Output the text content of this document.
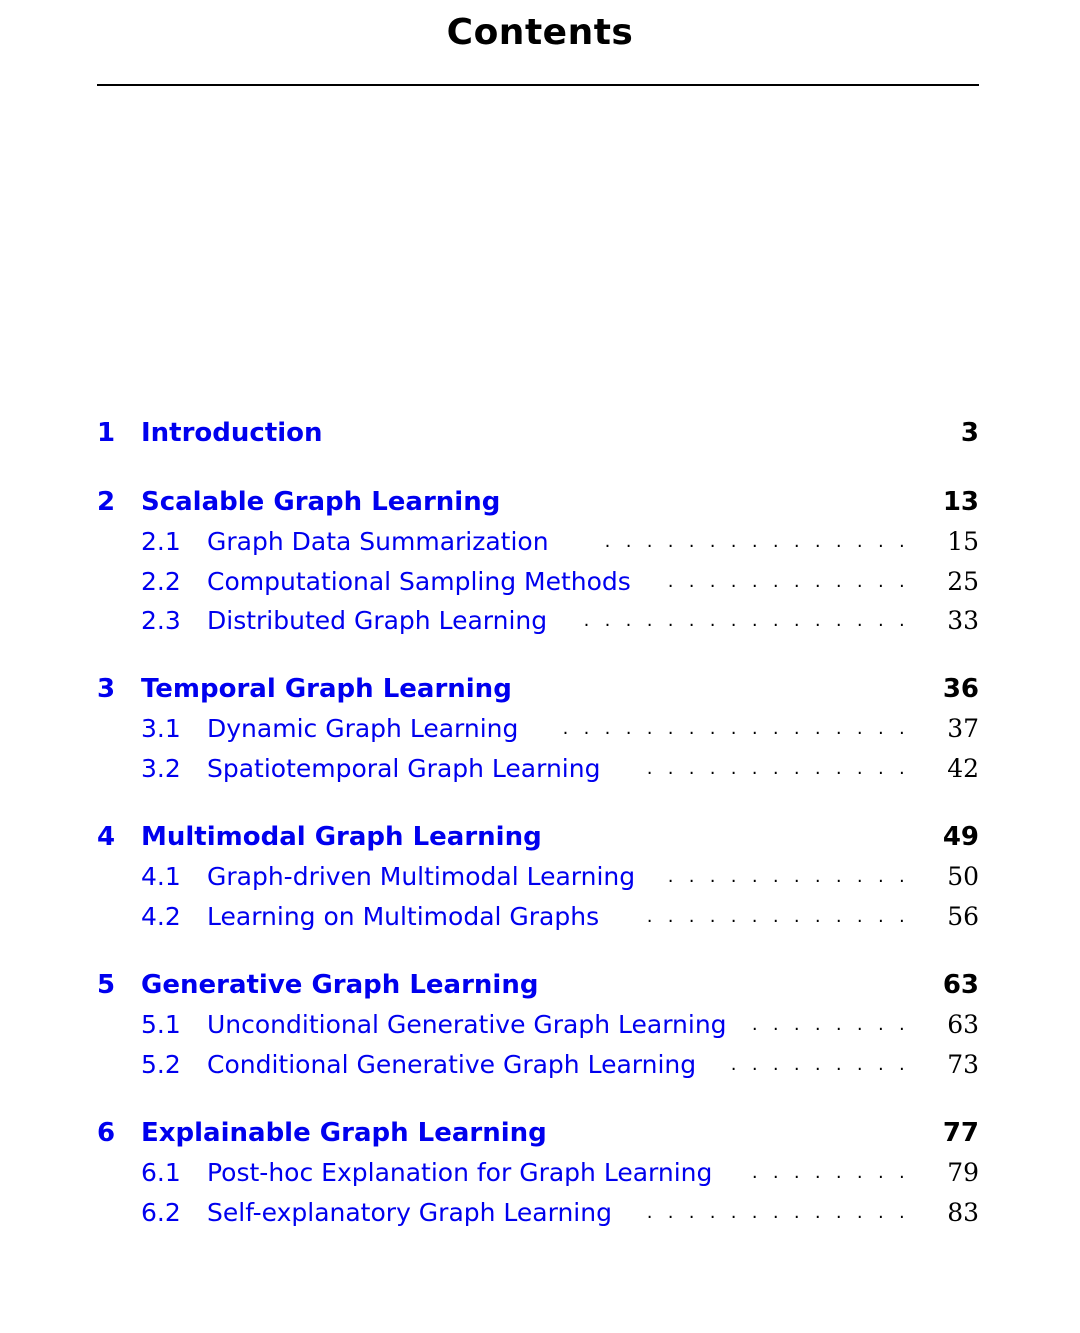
Contents
1 Introduction	3
2 Scalable Graph Learning	13
2.1 Graph Data Summarization	............... 15
2.2 Computational Sampling Methods	............ 25
2.3 Distributed Graph Learning	................ 33
3 Temporal Graph Learning	36
3.1 Dynamic Graph Learning	................. 37
3.2 Spatiotemporal Graph Learning	............. 42
4 Multimodal Graph Learning	49
4.1 Graph-driven Multimodal Learning	............ 50
4.2 Learning on Multimodal Graphs	............. 56
5 Generative Graph Learning	63
5.1 Unconditional Generative Graph Learning	........ 63
5.2 Conditional Generative Graph Learning	......... 73
6 Explainable Graph Learning	77
6.1 Post-hoc Explanation for Graph Learning	........ 79
6.2 Self-explanatory Graph Learning	............. 83
